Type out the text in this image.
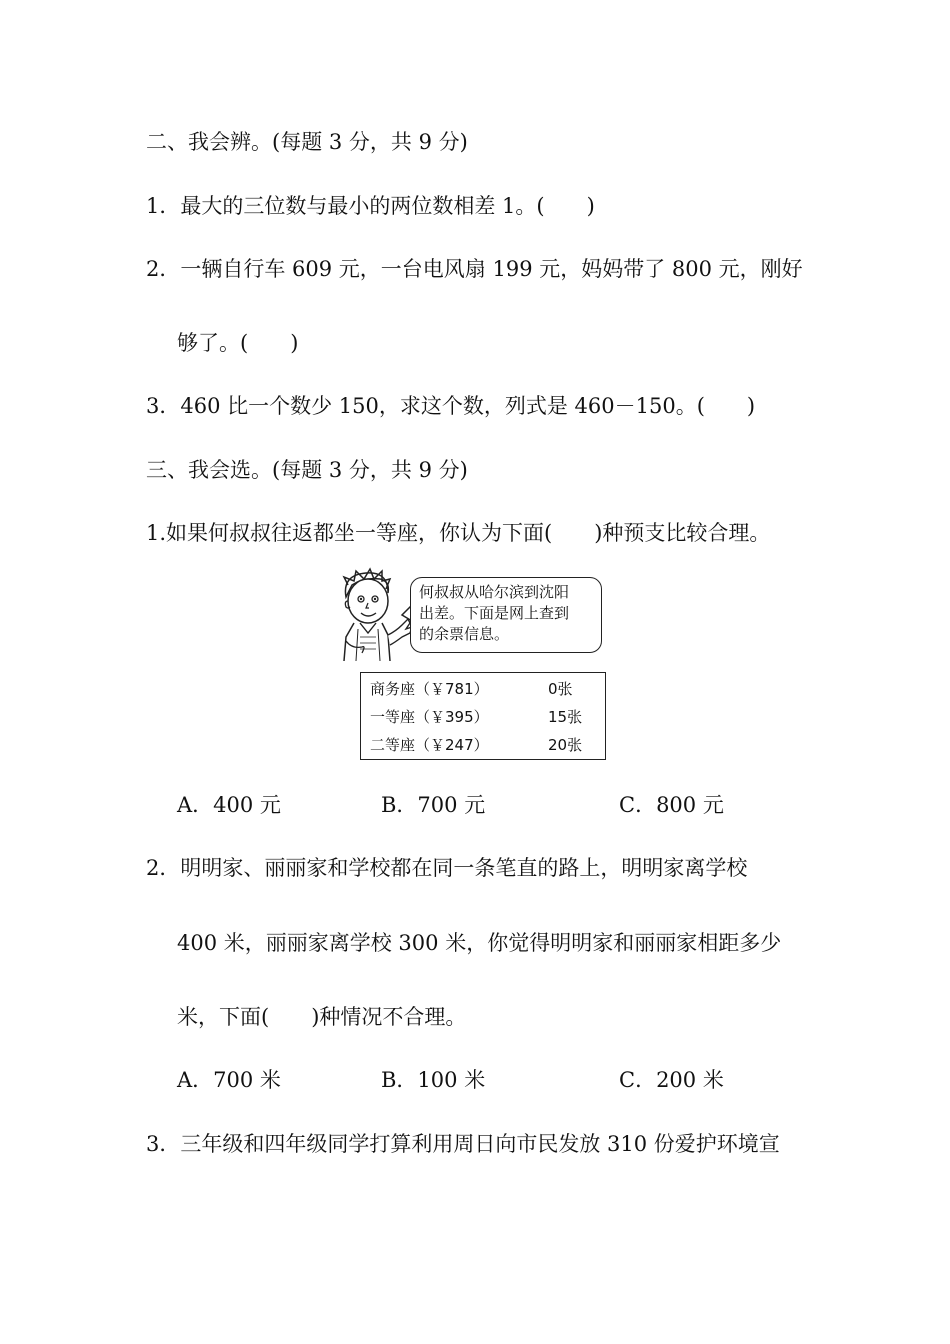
二、我会辨。(每题 3 分，共 9 分)
1．最大的三位数与最小的两位数相差 1。(　　)
2．一辆自行车 609 元，一台电风扇 199 元，妈妈带了 800 元，刚好
够了。(　　)
3．460 比一个数少 150，求这个数，列式是 460－150。(　　)
三、我会选。(每题 3 分，共 9 分)
1.如果何叔叔往返都坐一等座，你认为下面(　　)种预支比较合理。
何叔叔从哈尔滨到沈阳
出差。下面是网上查到
的余票信息。
商务座（￥781）	0张
一等座（￥395）	15张
二等座（￥247）	20张
A．400 元	B．700 元	C．800 元
2．明明家、丽丽家和学校都在同一条笔直的路上，明明家离学校
400 米，丽丽家离学校 300 米，你觉得明明家和丽丽家相距多少
米，下面(　　)种情况不合理。
A．700 米	B．100 米	C．200 米
3．三年级和四年级同学打算利用周日向市民发放 310 份爱护环境宣
